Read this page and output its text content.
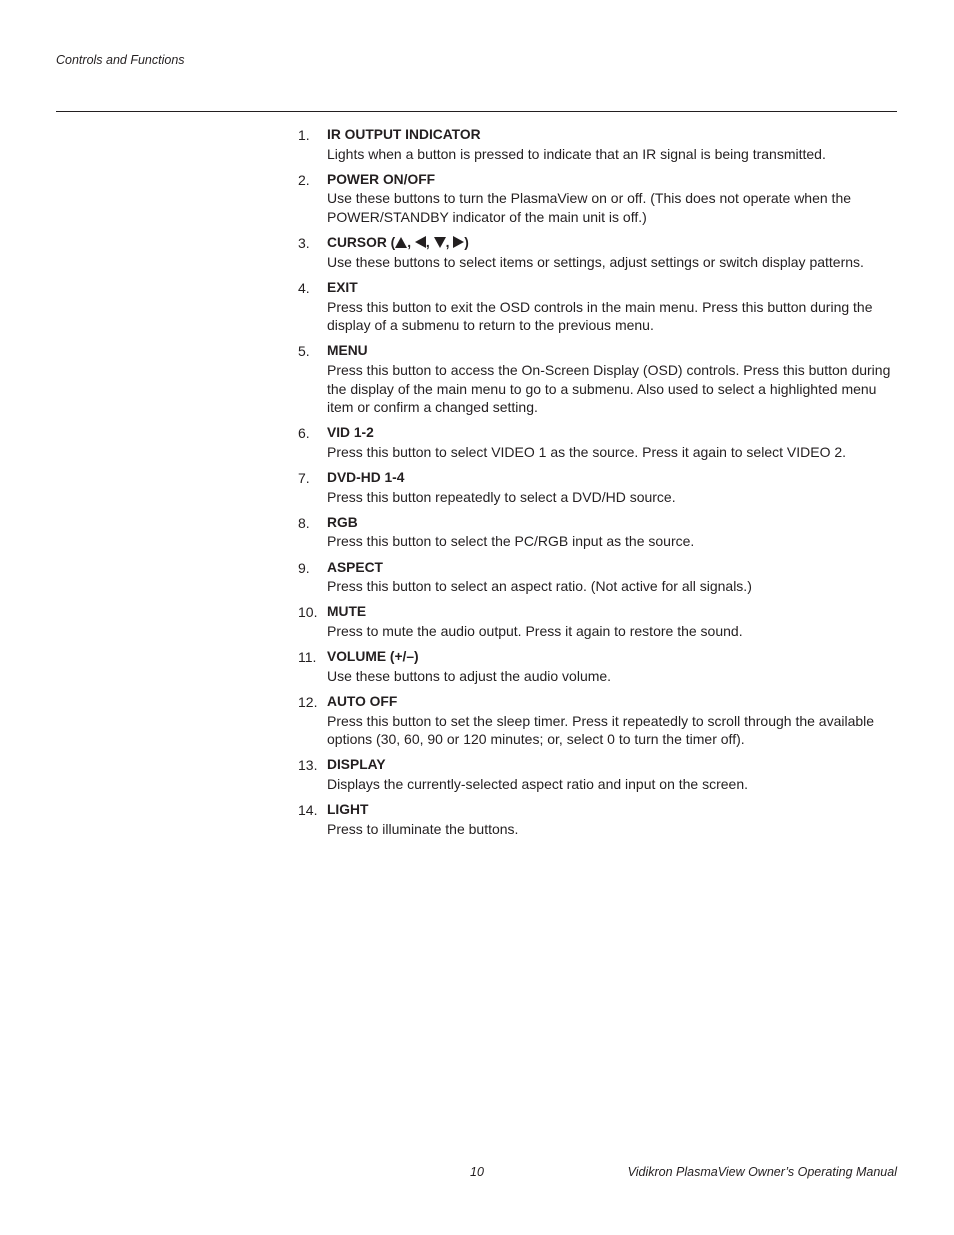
Controls and Functions
1. IR OUTPUT INDICATOR
Lights when a button is pressed to indicate that an IR signal is being transmitted.
2. POWER ON/OFF
Use these buttons to turn the PlasmaView on or off. (This does not operate when the POWER/STANDBY indicator of the main unit is off.)
3. CURSOR ( , , , )
Use these buttons to select items or settings, adjust settings or switch display patterns.
4. EXIT
Press this button to exit the OSD controls in the main menu. Press this button during the display of a submenu to return to the previous menu.
5. MENU
Press this button to access the On-Screen Display (OSD) controls. Press this button during the display of the main menu to go to a submenu. Also used to select a highlighted menu item or confirm a changed setting.
6. VID 1-2
Press this button to select VIDEO 1 as the source. Press it again to select VIDEO 2.
7. DVD-HD 1-4
Press this button repeatedly to select a DVD/HD source.
8. RGB
Press this button to select the PC/RGB input as the source.
9. ASPECT
Press this button to select an aspect ratio. (Not active for all signals.)
10. MUTE
Press to mute the audio output. Press it again to restore the sound.
11. VOLUME (+/–)
Use these buttons to adjust the audio volume.
12. AUTO OFF
Press this button to set the sleep timer. Press it repeatedly to scroll through the available options (30, 60, 90 or 120 minutes; or, select 0 to turn the timer off).
13. DISPLAY
Displays the currently-selected aspect ratio and input on the screen.
14. LIGHT
Press to illuminate the buttons.
10	Vidikron PlasmaView Owner’s Operating Manual
